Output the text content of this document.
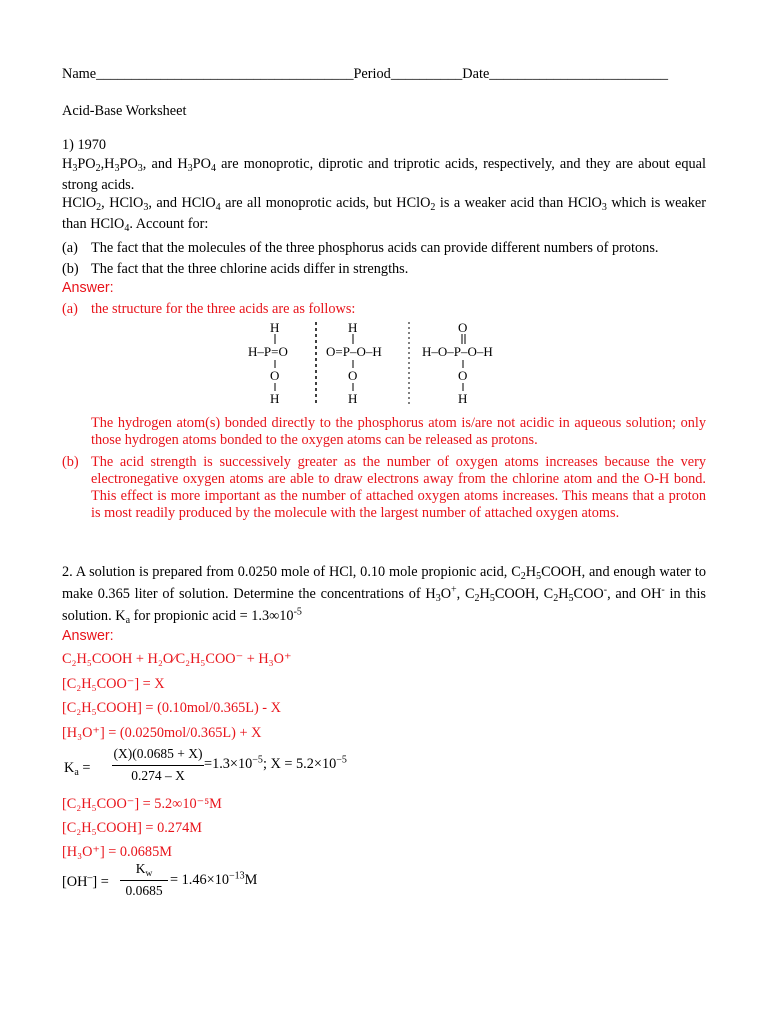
Name____________________________________Period__________Date_________________________
Acid-Base Worksheet
1) 1970
$H_3PO_2,H_3PO_3$, and $H_3PO_4$ are monoprotic, diprotic and triprotic acids, respectively, and they are about equal strong acids.
HClO$_2$, HClO$_3$, and HClO$_4$ are all monoprotic acids, but HClO$_2$ is a weaker acid than HClO$_3$ which is weaker than HClO$_4$. Account for:
(a) The fact that the molecules of the three phosphorus acids can provide different numbers of protons.
(b) The fact that the three chlorine acids differ in strengths.
Answer:
(a) the structure for the three acids are as follows:
H
H–P=O
O
H
H
O=P–O–H
O
H
O
H–O–P–O–H
O
H
The hydrogen atom(s) bonded directly to the phosphorus atom is/are not acidic in aqueous solution; only those hydrogen atoms bonded to the oxygen atoms can be released as protons.
(b) The acid strength is successively greater as the number of oxygen atoms increases because the very electronegative oxygen atoms are able to draw electrons away from the chlorine atom and the O-H bond. This effect is more important as the number of attached oxygen atoms increases. This means that a proton is most readily produced by the molecule with the largest number of attached oxygen atoms.
2. A solution is prepared from 0.0250 mole of HCl, 0.10 mole propionic acid, $C_2H_5COOH$, and enough water to make 0.365 liter of solution. Determine the concentrations of $H_3O^+$, $C_2H_5COOH$, $C_2H_5COO^-$, and OH- in this solution. $K_a$ for propionic acid = $1.3\infty 10^{-5}$
Answer:
C₂H₅COOH + H₂O⁄C₂H₅COO⁻ + H₃O⁺
[C₂H₅COO⁻] = X
[C₂H₅COOH] = (0.10mol/0.365L) - X
[H₃O⁺] = (0.0250mol/0.365L) + X
$K_a$ =
(X)(0.0685 + X)
0.274 – X
$=1.3\times 10^{-5}$; $X = 5.2\times 10^{-5}$
[C₂H₅COO⁻] = 5.2∞10⁻⁵M
[C₂H₅COOH] = 0.274M
[H₃O⁺] = 0.0685M
[OH–] =
$K_w$
0.0685
= $1.46\times 10^{-13}M$
